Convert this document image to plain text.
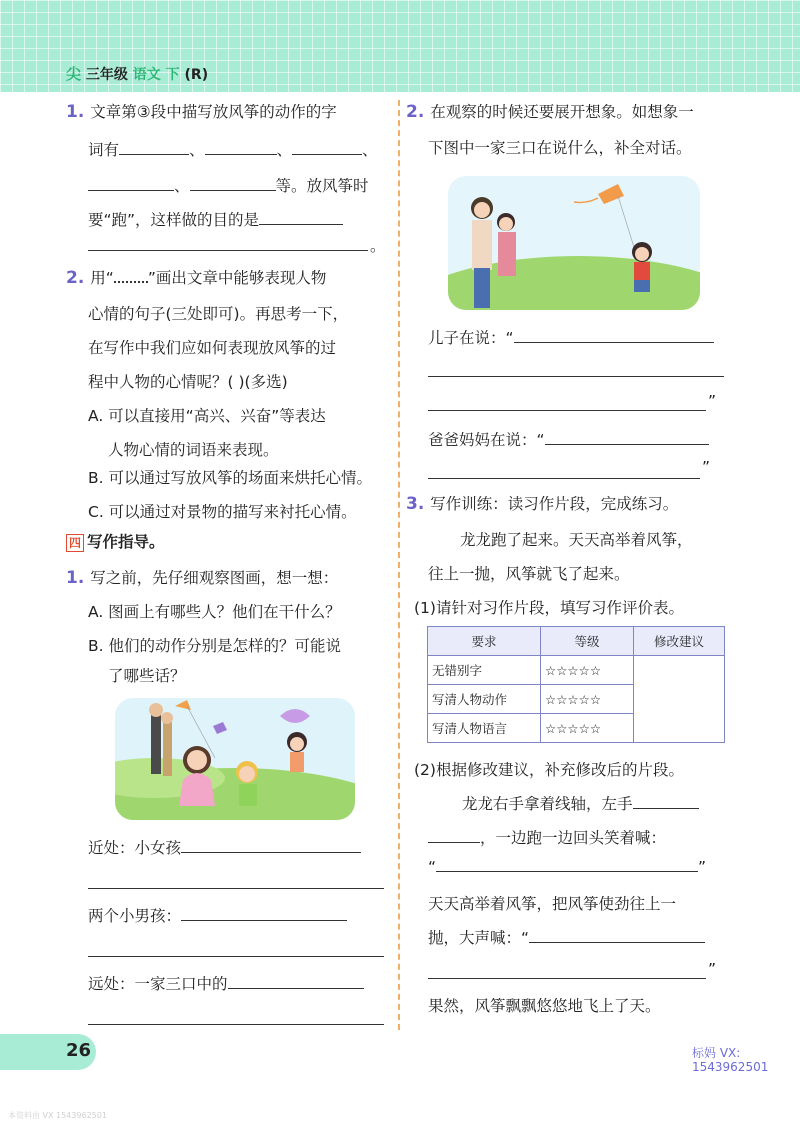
尖 三年级 语文 下 (R)
1. 文章第③段中描写放风筝的动作的字
词有	、	、	、
、	等。放风筝时
要“跑”，这样做的目的是
。
2. 用“ ”画出文章中能够表现人物
心情的句子(三处即可)。再思考一下，
在写作中我们应如何表现放风筝的过
程中人物的心情呢？( )(多选)
A. 可以直接用“高兴、兴奋”等表达
人物心情的词语来表现。
B. 可以通过写放风筝的场面来烘托心情。
C. 可以通过对景物的描写来衬托心情。
四 写作指导。
1. 写之前，先仔细观察图画，想一想：
A. 图画上有哪些人？他们在干什么？
B. 他们的动作分别是怎样的？可能说
了哪些话？
近处：小女孩
两个小男孩：
远处：一家三口中的
2. 在观察的时候还要展开想象。如想象一
下图中一家三口在说什么，补全对话。
儿子在说：“
”
爸爸妈妈在说：“
”
3. 写作训练：读习作片段，完成练习。
龙龙跑了起来。天天高举着风筝，
往上一抛，风筝就飞了起来。
(1)请针对习作片段，填写习作评价表。
(2)根据修改建议，补充修改后的片段。
龙龙右手拿着线轴，左手
，一边跑一边回头笑着喊：
“	”
天天高举着风筝，把风筝使劲往上一
抛，大声喊：“
”
果然，风筝飘飘悠悠地飞上了天。
要求	等级	修改建议
无错别字	☆☆☆☆☆	
写清人物动作	☆☆☆☆☆	
写清人物语言	☆☆☆☆☆	
26	标妈 VX:
1543962501
本资料由 VX 1543962501
